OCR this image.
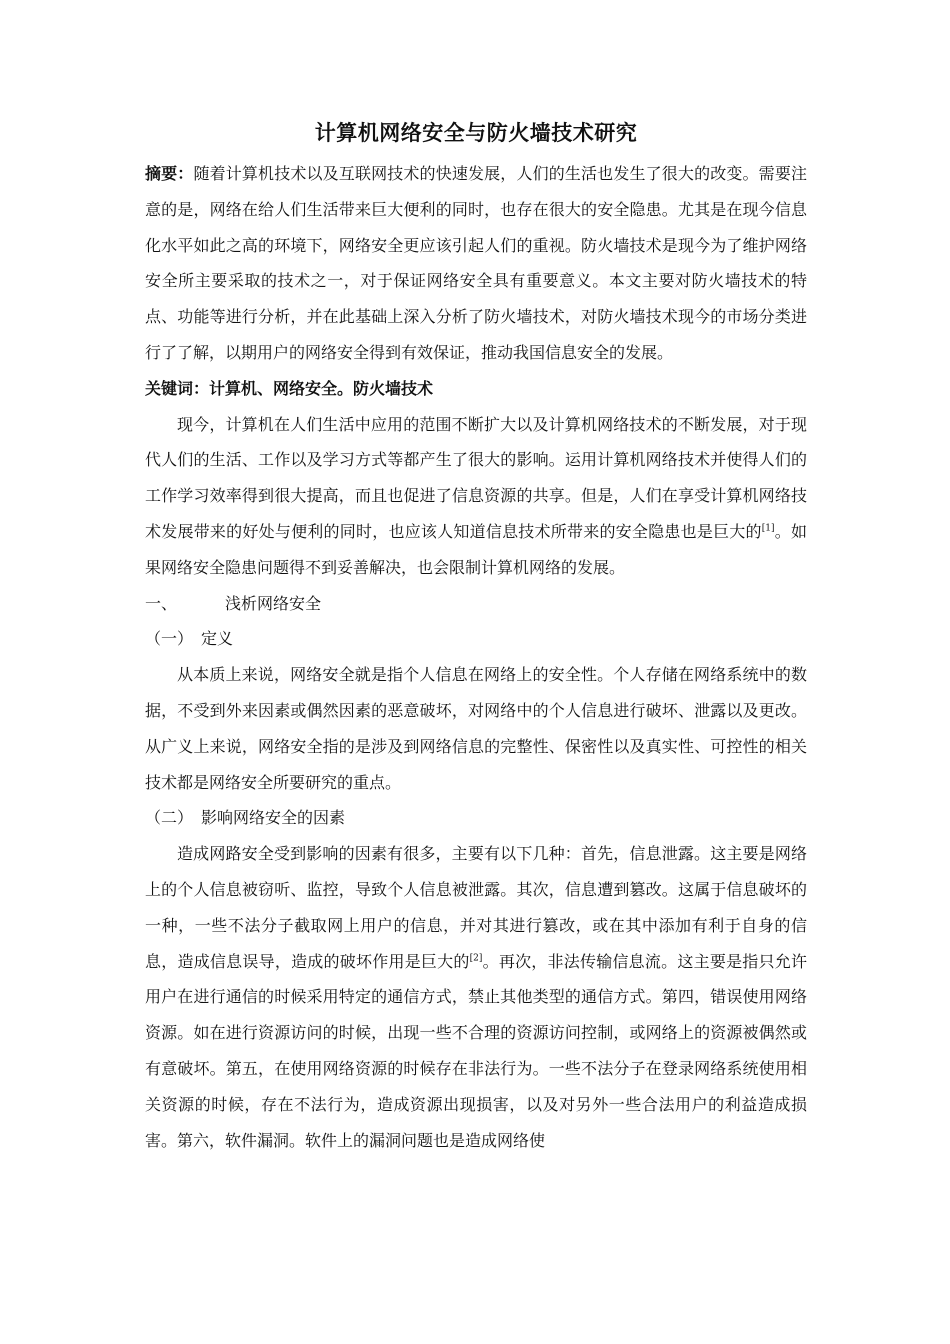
计算机网络安全与防火墙技术研究

摘要：随着计算机技术以及互联网技术的快速发展，人们的生活也发生了很大的改变。需要注意的是，网络在给人们生活带来巨大便利的同时，也存在很大的安全隐患。尤其是在现今信息化水平如此之高的环境下，网络安全更应该引起人们的重视。防火墙技术是现今为了维护网络安全所主要采取的技术之一，对于保证网络安全具有重要意义。本文主要对防火墙技术的特点、功能等进行分析，并在此基础上深入分析了防火墙技术，对防火墙技术现今的市场分类进行了了解，以期用户的网络安全得到有效保证，推动我国信息安全的发展。

关键词：计算机、网络安全。防火墙技术

现今，计算机在人们生活中应用的范围不断扩大以及计算机网络技术的不断发展，对于现代人们的生活、工作以及学习方式等都产生了很大的影响。运用计算机网络技术并使得人们的工作学习效率得到很大提高，而且也促进了信息资源的共享。但是，人们在享受计算机网络技术发展带来的好处与便利的同时，也应该人知道信息技术所带来的安全隐患也是巨大的[1]。如果网络安全隐患问题得不到妥善解决，也会限制计算机网络的发展。

一、	浅析网络安全

（一） 定义

从本质上来说，网络安全就是指个人信息在网络上的安全性。个人存储在网络系统中的数据，不受到外来因素或偶然因素的恶意破坏，对网络中的个人信息进行破坏、泄露以及更改。从广义上来说，网络安全指的是涉及到网络信息的完整性、保密性以及真实性、可控性的相关技术都是网络安全所要研究的重点。

（二） 影响网络安全的因素

造成网路安全受到影响的因素有很多，主要有以下几种：首先，信息泄露。这主要是网络上的个人信息被窃听、监控，导致个人信息被泄露。其次，信息遭到篡改。这属于信息破坏的一种，一些不法分子截取网上用户的信息，并对其进行篡改，或在其中添加有利于自身的信息，造成信息误导，造成的破坏作用是巨大的[2]。再次，非法传输信息流。这主要是指只允许用户在进行通信的时候采用特定的通信方式，禁止其他类型的通信方式。第四，错误使用网络资源。如在进行资源访问的时候，出现一些不合理的资源访问控制，或网络上的资源被偶然或有意破坏。第五，在使用网络资源的时候存在非法行为。一些不法分子在登录网络系统使用相关资源的时候，存在不法行为，造成资源出现损害，以及对另外一些合法用户的利益造成损害。第六，软件漏洞。软件上的漏洞问题也是造成网络使
